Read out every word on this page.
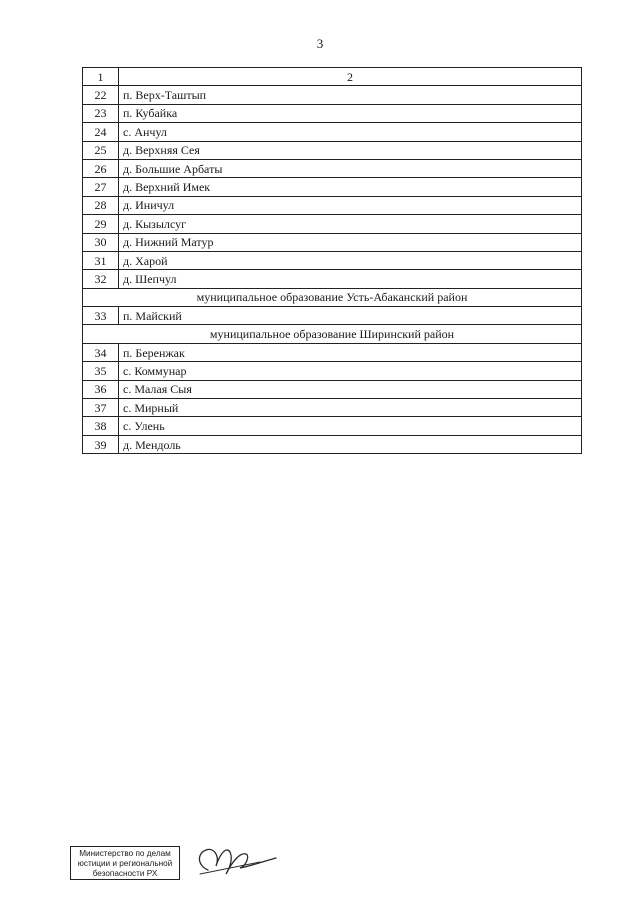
3
1	2
22	п. Верх-Таштып
23	п. Кубайка
24	с. Анчул
25	д. Верхняя Сея
26	д. Большие Арбаты
27	д. Верхний Имек
28	д. Иничул
29	д. Кызылсуг
30	д. Нижний Матур
31	д. Харой
32	д. Шепчул
муниципальное образование Усть-Абаканский район	
33	п. Майский
муниципальное образование Ширинский район	
34	п. Беренжак
35	с. Коммунар
36	с. Малая Сыя
37	с. Мирный
38	с. Улень
39	д. Мендоль
Министерство по делам
юстиции и региональной
безопасности РХ
